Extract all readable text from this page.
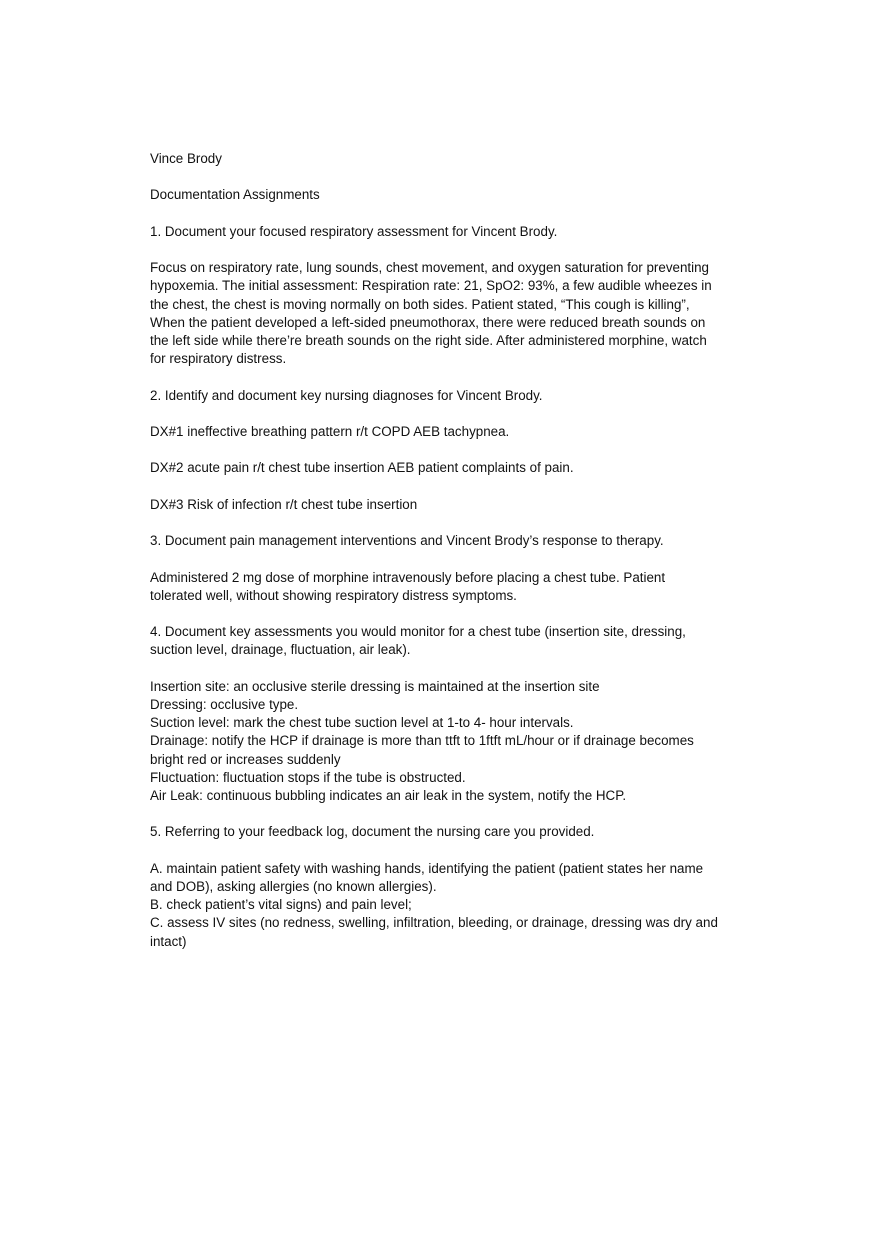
Vince Brody
Documentation Assignments
1. Document your focused respiratory assessment for Vincent Brody.
Focus on respiratory rate, lung sounds, chest movement, and oxygen saturation for preventing
hypoxemia. The initial assessment: Respiration rate: 21, SpO2: 93%, a few audible wheezes in
the chest, the chest is moving normally on both sides. Patient stated, “This cough is killing”,
When the patient developed a left-sided pneumothorax, there were reduced breath sounds on
the left side while there’re breath sounds on the right side. After administered morphine, watch
for respiratory distress.
2. Identify and document key nursing diagnoses for Vincent Brody.
DX#1 ineffective breathing pattern r/t COPD AEB tachypnea.
DX#2 acute pain r/t chest tube insertion AEB patient complaints of pain.
DX#3 Risk of infection r/t chest tube insertion
3. Document pain management interventions and Vincent Brody’s response to therapy.
Administered 2 mg dose of morphine intravenously before placing a chest tube. Patient
tolerated well, without showing respiratory distress symptoms.
4. Document key assessments you would monitor for a chest tube (insertion site, dressing,
suction level, drainage, fluctuation, air leak).
Insertion site: an occlusive sterile dressing is maintained at the insertion site
Dressing: occlusive type.
Suction level: mark the chest tube suction level at 1-to 4- hour intervals.
Drainage: notify the HCP if drainage is more than ttft to 1ftft mL/hour or if drainage becomes
bright red or increases suddenly
Fluctuation: fluctuation stops if the tube is obstructed.
Air Leak: continuous bubbling indicates an air leak in the system, notify the HCP.
5. Referring to your feedback log, document the nursing care you provided.
A. maintain patient safety with washing hands, identifying the patient (patient states her name
and DOB), asking allergies (no known allergies).
B. check patient’s vital signs) and pain level;
C. assess IV sites (no redness, swelling, infiltration, bleeding, or drainage, dressing was dry and
intact)
